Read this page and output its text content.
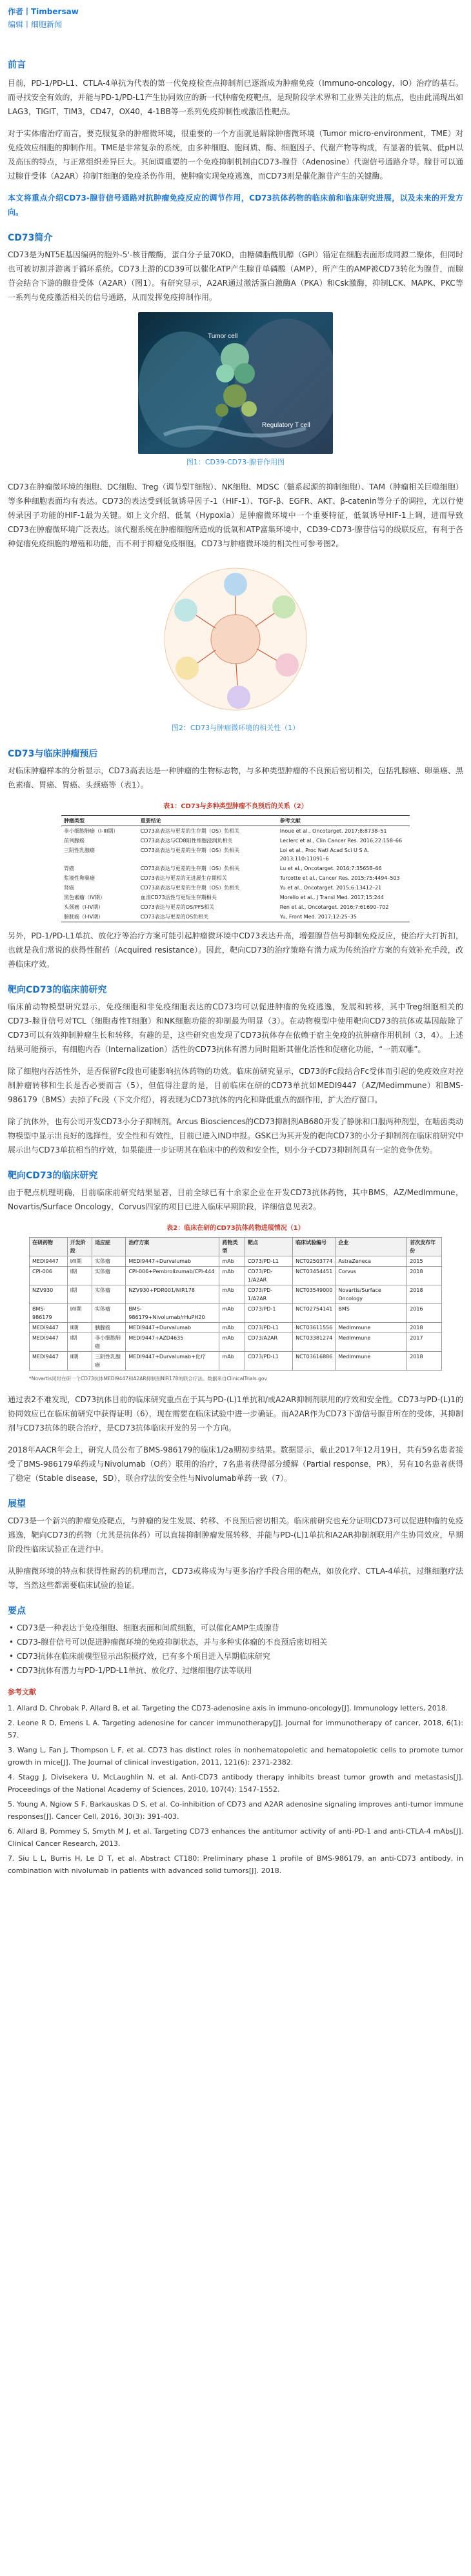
作者丨Timbersaw
编辑丨细胞新闻
前言

目前，PD-1/PD-L1、CTLA-4单抗为代表的第一代免疫检查点抑制剂已逐渐成为肿瘤免疫（Immuno-oncology，IO）治疗的基石。而寻找安全有效的，并能与PD-1/PD-L1产生协同效应的新一代肿瘤免疫靶点，是现阶段学术界和工业界关注的焦点，也由此涌现出如LAG3，TIGIT，TIM3，CD47，OX40，4-1BB等一系列免疫抑制性或激活性靶点。

对于实体瘤治疗而言，要克服复杂的肿瘤微环境，很重要的一个方面就是解除肿瘤微环境（Tumor micro-environment，TME）对免疫效应细胞的抑制作用。TME是非常复杂的系统，由多种细胞、胞间质、酶、细胞因子、代谢产物等构成，有显著的低氧、低pH以及高压的特点，与正常组织差异巨大。其间调重要的一个免疫抑制机制由CD73-腺苷（Adenosine）代谢信号通路介导。腺苷可以通过腺苷受体（A2AR）抑制T细胞的免疫杀伤作用，使肿瘤实现免疫逃逸，而CD73则是催化腺苷产生的关键酶。

本文将重点介绍CD73-腺苷信号通路对抗肿瘤免疫反应的调节作用，CD73抗体药物的临床前和临床研究进展，以及未来的开发方向。

CD73简介

CD73是为NT5E基因编码的胞外-5'-核苷酸酶，蛋白分子量70KD，由糖磷脂酰肌醇（GPI）锚定在细胞表面形成同源二聚体，但同时也可被切割并游离于循环系统。CD73上游的CD39可以催化ATP产生腺苷单磷酸（AMP），所产生的AMP被CD73转化为腺苷，而腺苷会结合下游的腺苷受体（A2AR）（图1）。有研究显示，A2AR通过激活蛋白激酶A（PKA）和Csk激酶，抑制LCK、MAPK、PKC等一系列与免疫激活相关的信号通路，从而发挥免疫抑制作用。

Tumor cell
Regulatory T cell
图1：CD39-CD73-腺苷作用图

CD73在肿瘤微环境的细胞、DC细胞、Treg（调节型T细胞）、NK细胞、MDSC（髓系起源的抑制细胞）、TAM（肿瘤相关巨噬细胞）等多种细胞表面均有表达。CD73的表达受到低氧诱导因子-1（HIF-1）、TGF-β、EGFR、AKT、β-catenin等分子的调控，尤以行使转录因子功能的HIF-1最为关键。如上文介绍，低氧（Hypoxia）是肿瘤微环境中一个重要特征，低氧诱导HIF-1上调，进而导致CD73在肿瘤微环境广泛表达。该代谢系统在肿瘤细胞所造成的低氧和ATP富集环境中，CD39-CD73-腺苷信号的级联反应，有利于各种促瘤免疫细胞的增殖和功能，而不利于抑瘤免疫细胞。CD73与肿瘤微环境的相关性可参考图2。

图2：CD73与肿瘤微环境的相关性（1）
CD73与临床肿瘤预后

对临床肿瘤样本的分析显示，CD73高表达是一种肿瘤的生物标志物，与多种类型肿瘤的不良预后密切相关，包括乳腺癌、卵巢癌、黑色素瘤、胃癌、胃癌、头颈癌等（表1）。

表1：CD73与多种类型肿瘤不良预后的关系（2）
肿瘤类型	重要结论	参考文献
非小细胞肺癌（I-III期）	CD73高表达与更差的生存期（OS）负相关	Inoue et al., Oncotarget. 2017;8:8738–51
前列腺癌	CD73高表达与CD8阳性细胞浸润负相关	Leclerc et al., Clin Cancer Res. 2016;22:158–66
三阴性乳腺癌	CD73高表达与更差的生存期（OS）负相关	Loi et al., Proc Natl Acad Sci U S A. 2013;110:11091–6
胃癌	CD73高表达与更差的生存期（OS）负相关	Lu et al., Oncotarget. 2016;7:35658–66
浆液性卵巢癌	CD73表达与更差的无进展生存期相关	Turcotte et al., Cancer Res. 2015;75:4494–503
肾癌	CD73高表达与更差的生存期（OS）负相关	Yu et al., Oncotarget. 2015;6:13412–21
黑色素瘤（IV期）	血清CD73活性与更短生存期相关	Morello et al., J Transl Med. 2017;15:244
头颈癌（I-IV期）	CD73表达与更差的OS/PFS相关	Ren et al., Oncotarget. 2016;7:61690–702
膀胱癌（I-IV期）	CD73表达与更差的OS负相关	Yu, Front Med. 2017;12:25–35

另外，PD-1/PD-L1单抗、放化疗等治疗方案可能引起肿瘤微环境中CD73表达升高，增强腺苷信号抑制免疫反应，使治疗大打折扣，也就是我们常说的获得性耐药（Acquired resistance）。因此，靶向CD73的治疗策略有潜力成为传统治疗方案的有效补充手段，改善临床疗效。

靶向CD73的临床前研究

临床前动物模型研究显示，免疫细胞和非免疫细胞表达的CD73均可以促进肿瘤的免疫逃逸，发展和转移，其中Treg细胞相关的CD73-腺苷信号对TCL（细胞毒性T细胞）和NK细胞功能的抑制最为明显（3）。在动物模型中使用靶向CD73的抗体或基因敲除了CD73可以有效抑制肿瘤生长和转移，有趣的是，这些研究也发现了CD73抗体存在依赖于宿主免疫的抗肿瘤作用机制（3，4）。上述结果可能预示，有细胞内吞（Internalization）活性的CD73抗体有潜力同时阻断其催化活性和促瘤化功能，“一箭双雕”。

除了细胞内吞活性外，是否保留Fc段也可能影响抗体药物的功效。临床前研究显示，CD73的Fc段结合Fc受体而引起的免疫效应对控制肿瘤转移和生长是否必要而言（5），但值得注意的是，目前临床在研的CD73单抗如MEDI9447（AZ/Medimmune）和BMS-986179（BMS）去掉了Fc段（下文介绍），将表现为CD73抗体的内化和降低重点的副作用，扩大治疗窗口。

除了抗体外，也有公司开发CD73小分子抑制剂。Arcus Biosciences的CD73抑制剂AB680开发了静脉和口服两种剂型，在啮齿类动物模型中显示出良好的选择性，安全性和有效性，目前已进入IND申报。GSK已为其开发的靶向CD73的小分子抑制剂在临床前研究中展示出与CD73单抗相当的疗效，如果能进一步证明其在临床中的药效和安全性，则小分子CD73抑制剂具有一定的竞争优势。

靶向CD73的临床研究

由于靶点机理明确，目前临床前研究结果显著，目前全球已有十余家企业在开发CD73抗体药物，其中BMS，AZ/MedImmune，Novartis/Surface Oncology，Corvus四家的项目已进入临床早期阶段，详细信息见表2。

表2：临床在研的CD73抗体药物进展情况（1）
在研药物	开发阶段	适应症	治疗方案	药物类型	靶点	临床试验编号	企业	首次发布年份
MEDI9447	I/II期	实体瘤	MEDI9447+Durvalumab	mAb	CD73/PD-L1	NCT02503774	AstraZeneca	2015
CPI-006	I期	实体瘤	CPI-006+Pembrolizumab/CPI-444	mAb	CD73/PD-1/A2AR	NCT03454451	Corvus	2018
NZV930	I期	实体瘤	NZV930+PDR001/NIR178	mAb	CD73/PD-1/A2AR	NCT03549000	Novartis/Surface Oncology	2018
BMS-986179	I/II期	实体瘤	BMS-986179+Nivolumab/rHuPH20	mAb	CD73/PD-1	NCT02754141	BMS	2016
MEDI9447	II期	胰腺癌	MEDI9447+Durvalumab	mAb	CD73/PD-L1	NCT03611556	MedImmune	2018
MEDI9447	I期	非小细胞肺癌	MEDI9447+AZD4635	mAb	CD73/A2AR	NCT03381274	MedImmune	2017
MEDI9447	II期	三阴性乳腺癌	MEDI9447+Durvalumab+化疗	mAb	CD73/PD-L1	NCT03616886	MedImmune	2018
*Novartis同时在研一个CD73抗体MEDI9447和A2AR抑制剂NIR178的联合疗法。数据来自ClinicalTrials.gov

通过表2不难发现，CD73抗体目前的临床研究重点在于其与PD-(L)1单抗和/或A2AR抑制剂联用的疗效和安全性。CD73与PD-(L)1的协同效应已在临床前研究中获得证明（6），现在需要在临床试验中进一步确证。而A2AR作为CD73下游信号腺苷所在的受体，其抑制剂与CD73抗体的联合治疗，是CD73抗体临床开发的另一个方向。

2018年AACR年会上，研究人员公布了BMS-986179的临床1/2a期初步结果。数据显示，截止2017年12月19日，共有59名患者接受了BMS-986179单药或与Nivolumab（O药）联用的治疗，7名患者获得部分缓解（Partial response，PR），另有10名患者获得了稳定（Stable disease，SD），联合疗法的安全性与Nivolumab单药一致（7）。

展望

CD73是一个新兴的肿瘤免疫靶点，与肿瘤的发生发展、转移、不良预后密切相关。临床前研究也充分证明CD73可以促进肿瘤的免疫逃逸，靶向CD73的药物（尤其是抗体药）可以直接抑制肿瘤发展转移，并能与PD-(L)1单抗和A2AR抑制剂联用产生协同效应，早期阶段性临床试验正在进行中。

从肿瘤微环境的特点和获得性耐药的机理而言，CD73或将成为与更多治疗手段合用的靶点，如放化疗、CTLA-4单抗，过继细胞疗法等，当然这些都需要临床试验的验证。

要点
• CD73是一种表达于免疫细胞、细胞表面和间质细胞，可以催化AMP生成腺苷
• CD73-腺苷信号可以促进肿瘤微环境的免疫抑制状态，并与多种实体瘤的不良预后密切相关
• CD73抗体在临床前模型显示出积极疗效，已有多个项目进入早期临床研究
• CD73抗体有潜力与PD-1/PD-L1单抗、放化疗、过继细胞疗法等联用
参考文献
1. Allard D, Chrobak P, Allard B, et al. Targeting the CD73-adenosine axis in immuno-oncology[J]. Immunology letters, 2018.
2. Leone R D, Emens L A. Targeting adenosine for cancer immunotherapy[J]. Journal for immunotherapy of cancer, 2018, 6(1): 57.
3. Wang L, Fan J, Thompson L F, et al. CD73 has distinct roles in nonhematopoietic and hematopoietic cells to promote tumor growth in mice[J]. The Journal of clinical investigation, 2011, 121(6): 2371-2382.
4. Stagg J, Divisekera U, McLaughlin N, et al. Anti-CD73 antibody therapy inhibits breast tumor growth and metastasis[J]. Proceedings of the National Academy of Sciences, 2010, 107(4): 1547-1552.
5. Young A, Ngiow S F, Barkauskas D S, et al. Co-inhibition of CD73 and A2AR adenosine signaling improves anti-tumor immune responses[J]. Cancer Cell, 2016, 30(3): 391-403.
6. Allard B, Pommey S, Smyth M J, et al. Targeting CD73 enhances the antitumor activity of anti-PD-1 and anti-CTLA-4 mAbs[J]. Clinical Cancer Research, 2013.
7. Siu L L, Burris H, Le D T, et al. Abstract CT180: Preliminary phase 1 profile of BMS-986179, an anti-CD73 antibody, in combination with nivolumab in patients with advanced solid tumors[J]. 2018.
